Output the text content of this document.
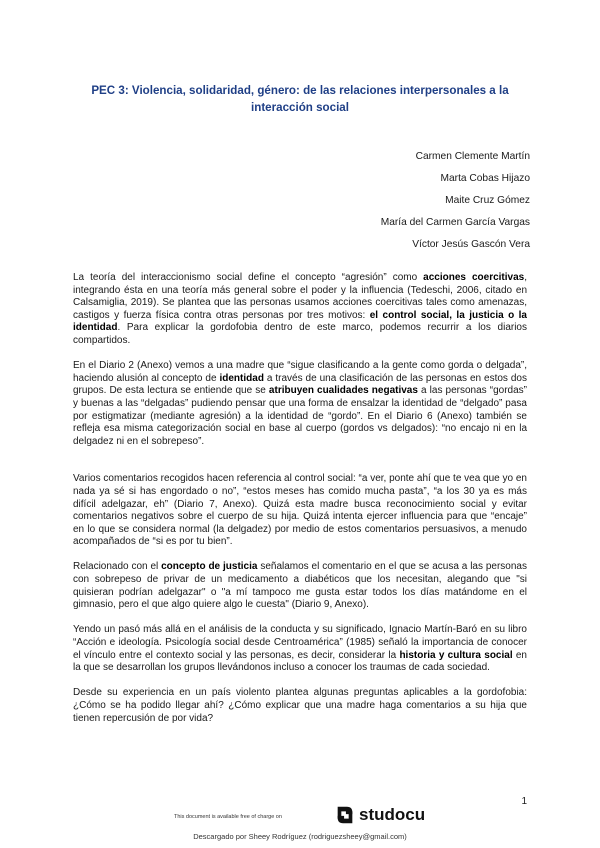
PEC 3: Violencia, solidaridad, género: de las relaciones interpersonales a la interacción social
Carmen Clemente Martín
Marta Cobas Hijazo
Maite Cruz Gómez
María del Carmen García Vargas
Víctor Jesús Gascón Vera

La teoría del interaccionismo social define el concepto “agresión” como acciones coercitivas, integrando ésta en una teoría más general sobre el poder y la influencia (Tedeschi, 2006, citado en Calsamiglia, 2019). Se plantea que las personas usamos acciones coercitivas tales como amenazas, castigos y fuerza física contra otras personas por tres motivos: el control social, la justicia o la identidad. Para explicar la gordofobia dentro de este marco, podemos recurrir a los diarios compartidos.

En el Diario 2 (Anexo) vemos a una madre que “sigue clasificando a la gente como gorda o delgada”, haciendo alusión al concepto de identidad a través de una clasificación de las personas en estos dos grupos. De esta lectura se entiende que se atribuyen cualidades negativas a las personas “gordas” y buenas a las “delgadas” pudiendo pensar que una forma de ensalzar la identidad de “delgado” pasa por estigmatizar (mediante agresión) a la identidad de “gordo”. En el Diario 6 (Anexo) también se refleja esa misma categorización social en base al cuerpo (gordos vs delgados): “no encajo ni en la delgadez ni en el sobrepeso”.

Varios comentarios recogidos hacen referencia al control social: “a ver, ponte ahí que te vea que yo en nada ya sé si has engordado o no”, “estos meses has comido mucha pasta”, “a los 30 ya es más difícil adelgazar, eh” (Diario 7, Anexo). Quizá esta madre busca reconocimiento social y evitar comentarios negativos sobre el cuerpo de su hija. Quizá intenta ejercer influencia para que “encaje” en lo que se considera normal (la delgadez) por medio de estos comentarios persuasivos, a menudo acompañados de “si es por tu bien”.

Relacionado con el concepto de justicia señalamos el comentario en el que se acusa a las personas con sobrepeso de privar de un medicamento a diabéticos que los necesitan, alegando que "si quisieran podrían adelgazar" o "a mí tampoco me gusta estar todos los días matándome en el gimnasio, pero el que algo quiere algo le cuesta" (Diario 9, Anexo).

Yendo un pasó más allá en el análisis de la conducta y su significado, Ignacio Martín-Baró en su libro “Acción e ideología. Psicología social desde Centroamérica” (1985) señaló la importancia de conocer el vínculo entre el contexto social y las personas, es decir, considerar la historia y cultura social en la que se desarrollan los grupos llevándonos incluso a conocer los traumas de cada sociedad.

Desde su experiencia en un país violento plantea algunas preguntas aplicables a la gordofobia: ¿Cómo se ha podido llegar ahí? ¿Cómo explicar que una madre haga comentarios a su hija que tienen repercusión de por vida?

1
This document is available free of charge on	studocu
Descargado por Sheey Rodríguez (rodriguezsheey@gmail.com)
